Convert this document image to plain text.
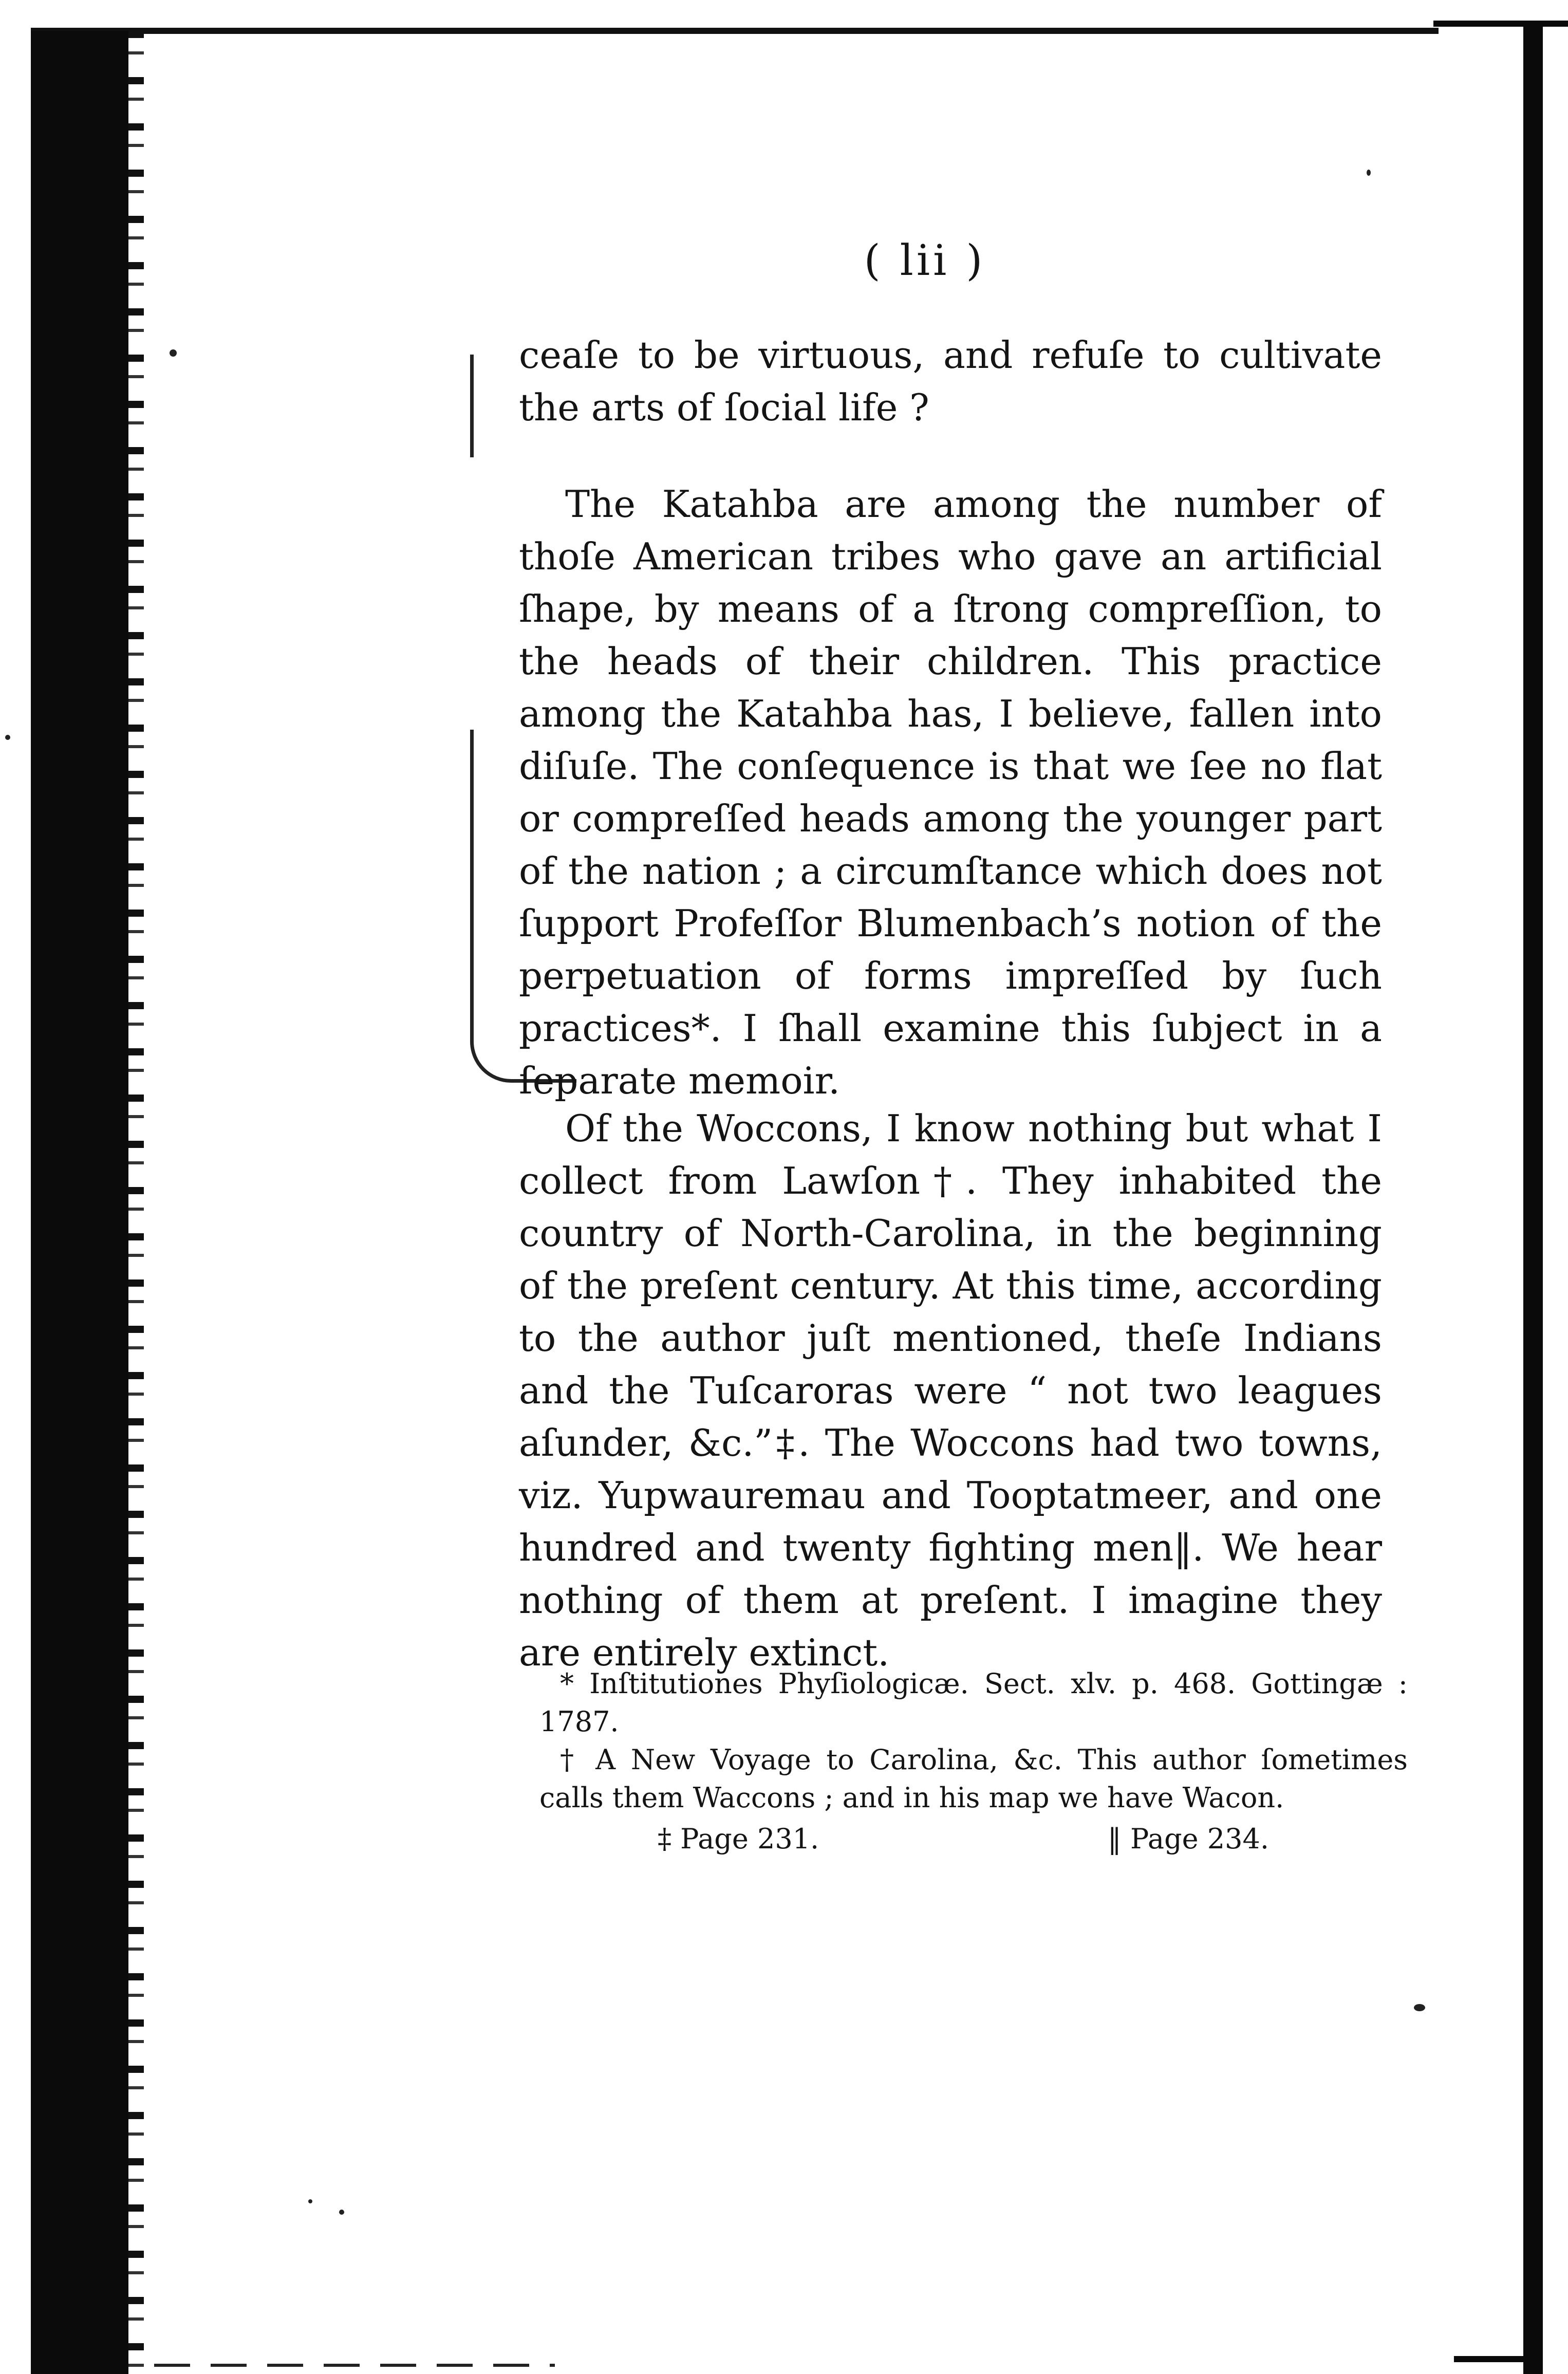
( lii )

ceaſe to be virtuous, and refuſe to cultivate the arts of ſocial life ?

The Katahba are among the number of thoſe American tribes who gave an artificial ſhape, by means of a ſtrong compreſſion, to the heads of their children. This practice among the Katahba has, I believe, fallen into diſuſe. The conſequence is that we ſee no flat or compreſſed heads among the younger part of the nation ; a circumſtance which does not ſupport Profeſſor Blumenbach’s notion of the perpetuation of forms impreſſed by ſuch practices*. I ſhall examine this ſubject in a ſeparate memoir.

Of the Woccons, I know nothing but what I collect from Lawſon†. They inhabited the country of North-Carolina, in the beginning of the preſent century. At this time, according to the author juſt mentioned, theſe Indians and the Tuſcaroras were “ not two leagues aſunder, &c.”‡. The Woccons had two towns, viz. Yupwauremau and Tooptatmeer, and one hundred and twenty fighting men‖. We hear nothing of them at preſent. I imagine they are entirely extinct.

* Inſtitutiones Phyſiologicæ. Sect. xlv. p. 468. Gottingæ : 1787.

† A New Voyage to Carolina, &c. This author ſometimes calls them Waccons ; and in his map we have Wacon.

‡ Page 231.	‖ Page 234.
